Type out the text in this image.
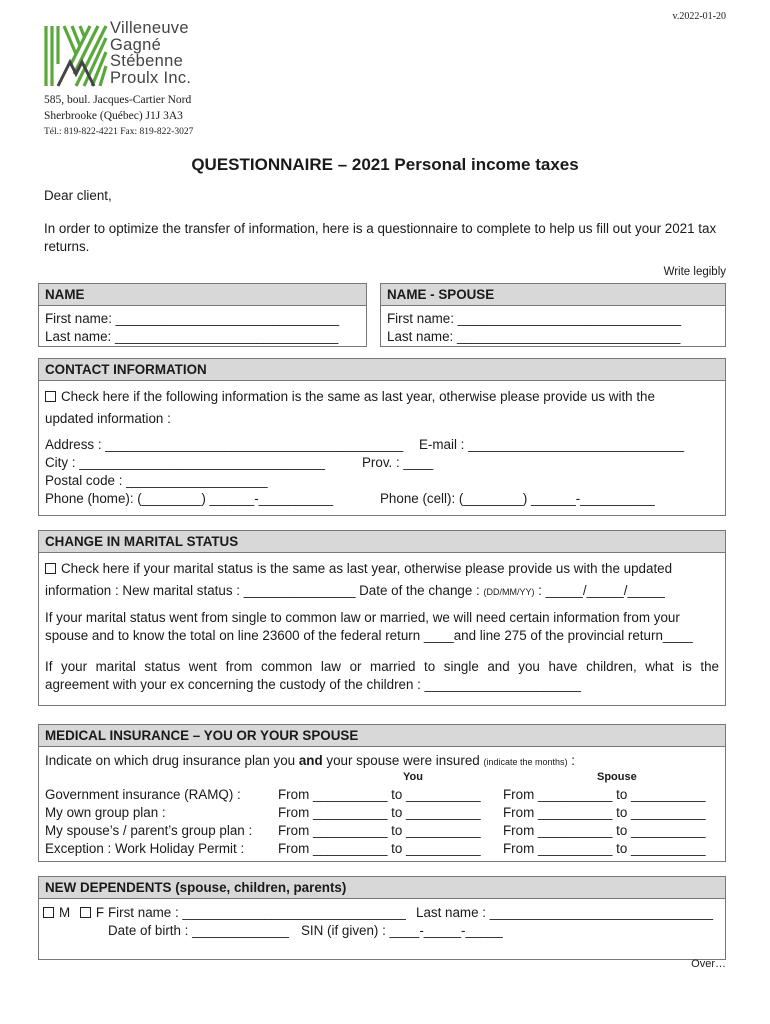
v.2022-01-20
Villeneuve
Gagné
Stébenne
Proulx Inc.
585, boul. Jacques-Cartier Nord
Sherbrooke (Québec) J1J 3A3
Tél.: 819-822-4221 Fax: 819-822-3027
QUESTIONNAIRE – 2021 Personal income taxes
Dear client,
In order to optimize the transfer of information, here is a questionnaire to complete to help us fill out your 2021 tax returns.
Write legibly
NAME
First name: ______________________________
Last name: ______________________________
NAME - SPOUSE
First name: ______________________________
Last name: ______________________________
CONTACT INFORMATION
Check here if the following information is the same as last year, otherwise please provide us with the
updated information :
Address : ________________________________________ E-mail : _____________________________
City : _________________________________	Prov. : ____
Postal code : ___________________
Phone (home): (________) ______-__________	Phone (cell): (________) ______-__________
CHANGE IN MARITAL STATUS
Check here if your marital status is the same as last year, otherwise please provide us with the updated
information : New marital status : _______________ Date of the change : (DD/MM/YY) : _____/_____/_____
If your marital status went from single to common law or married, we will need certain information from your
spouse and to know the total on line 23600 of the federal return ____and line 275 of the provincial return____
If your marital status went from common law or married to single and you have children, what is the
agreement with your ex concerning the custody of the children : _____________________
MEDICAL INSURANCE – YOU OR YOUR SPOUSE
Indicate on which drug insurance plan you and your spouse were insured (indicate the months) :
You	Spouse
Government insurance (RAMQ) :	From __________ to __________ From __________ to __________
My own group plan :	From __________ to __________ From __________ to __________
My spouse’s / parent’s group plan : From __________ to __________ From __________ to __________
Exception : Work Holiday Permit :	From __________ to __________ From __________ to __________
NEW DEPENDENTS (spouse, children, parents)
M F First name : ______________________________ Last name : ______________________________
Date of birth : _____________ SIN (if given) : ____-_____-_____
Over…
